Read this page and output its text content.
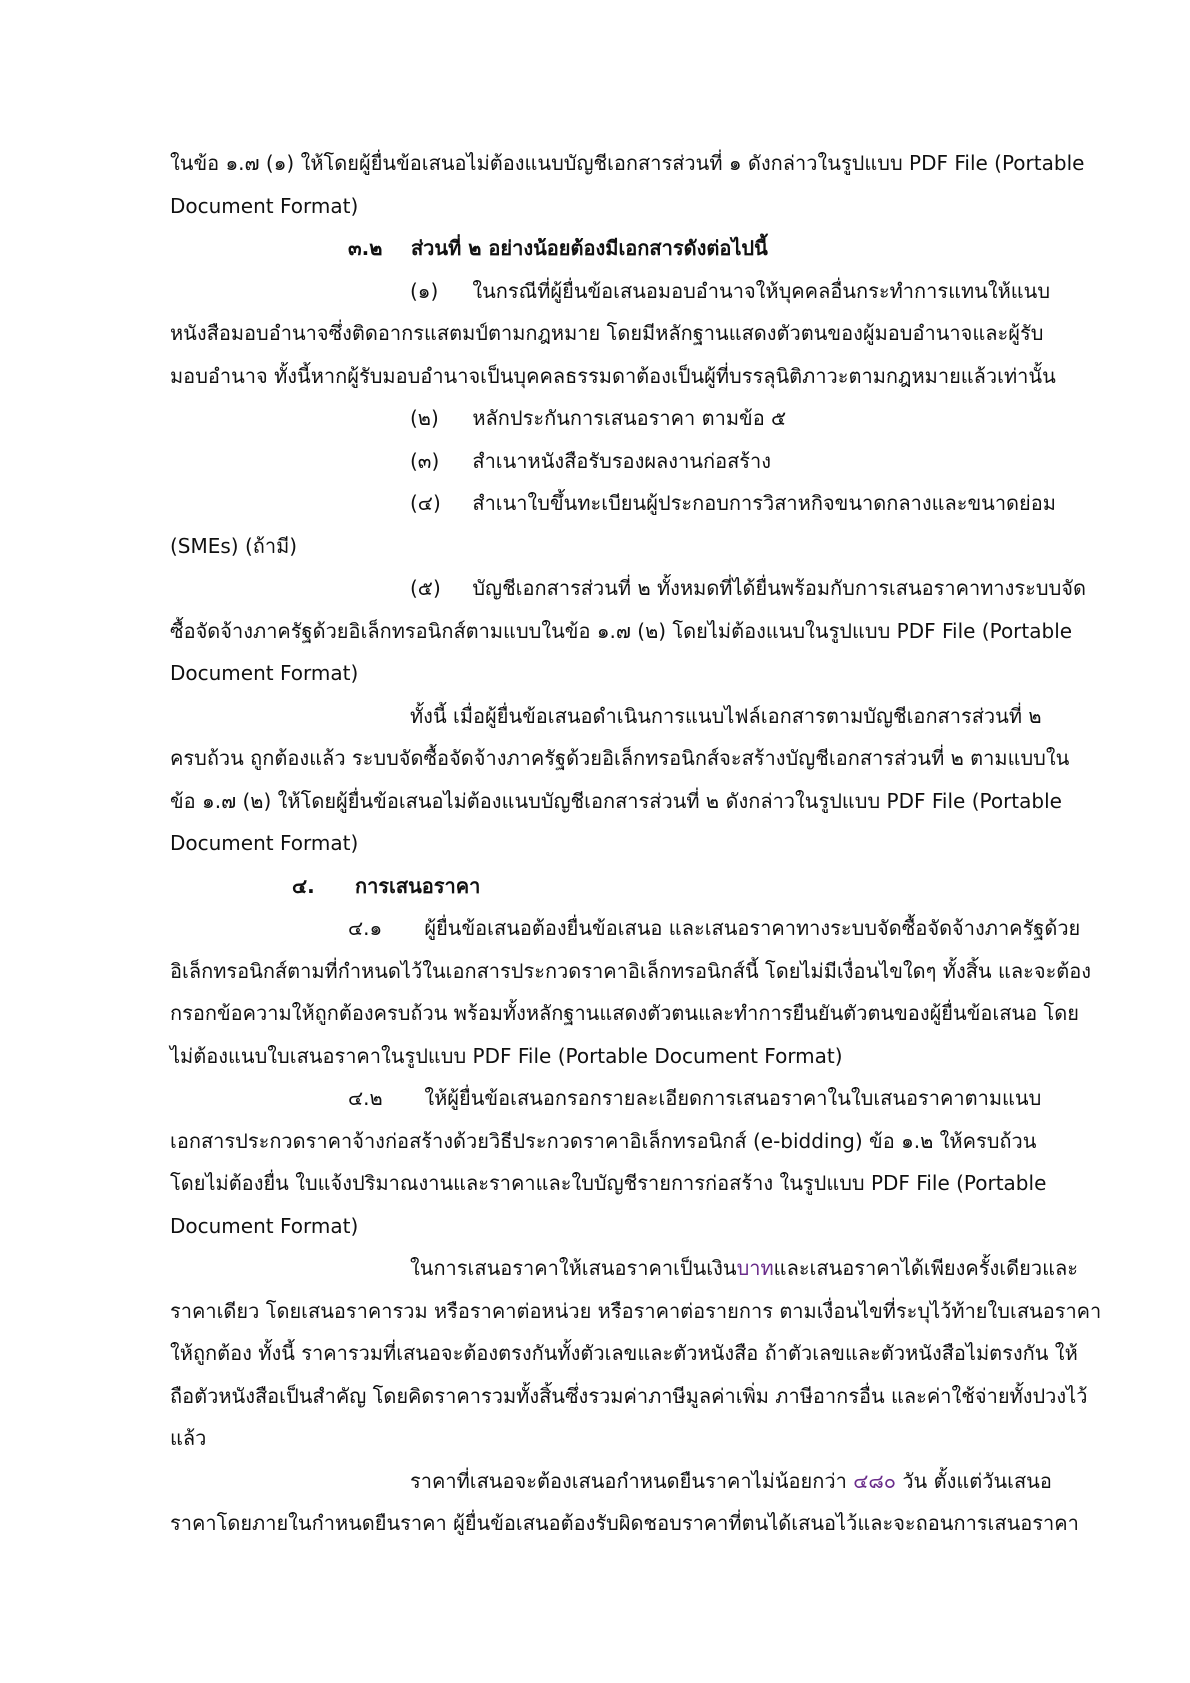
ในข้อ ๑.๗ (๑) ให้โดยผู้ยื่นข้อเสนอไม่ต้องแนบบัญชีเอกสารส่วนที่ ๑ ดังกล่าวในรูปแบบ PDF File (Portable
Document Format)
๓.๒ ส่วนที่ ๒ อย่างน้อยต้องมีเอกสารดังต่อไปนี้
(๑) ในกรณีที่ผู้ยื่นข้อเสนอมอบอำนาจให้บุคคลอื่นกระทำการแทนให้แนบ
หนังสือมอบอำนาจซึ่งติดอากรแสตมป์ตามกฎหมาย โดยมีหลักฐานแสดงตัวตนของผู้มอบอำนาจและผู้รับ
มอบอำนาจ ทั้งนี้หากผู้รับมอบอำนาจเป็นบุคคลธรรมดาต้องเป็นผู้ที่บรรลุนิติภาวะตามกฎหมายแล้วเท่านั้น
(๒) หลักประกันการเสนอราคา ตามข้อ ๕
(๓) สำเนาหนังสือรับรองผลงานก่อสร้าง
(๔) สำเนาใบขึ้นทะเบียนผู้ประกอบการวิสาหกิจขนาดกลางและขนาดย่อม
(SMEs) (ถ้ามี)
(๕) บัญชีเอกสารส่วนที่ ๒ ทั้งหมดที่ได้ยื่นพร้อมกับการเสนอราคาทางระบบจัด
ซื้อจัดจ้างภาครัฐด้วยอิเล็กทรอนิกส์ตามแบบในข้อ ๑.๗ (๒) โดยไม่ต้องแนบในรูปแบบ PDF File (Portable
Document Format)
ทั้งนี้ เมื่อผู้ยื่นข้อเสนอดำเนินการแนบไฟล์เอกสารตามบัญชีเอกสารส่วนที่ ๒
ครบถ้วน ถูกต้องแล้ว ระบบจัดซื้อจัดจ้างภาครัฐด้วยอิเล็กทรอนิกส์จะสร้างบัญชีเอกสารส่วนที่ ๒ ตามแบบใน
ข้อ ๑.๗ (๒) ให้โดยผู้ยื่นข้อเสนอไม่ต้องแนบบัญชีเอกสารส่วนที่ ๒ ดังกล่าวในรูปแบบ PDF File (Portable
Document Format)
๔. การเสนอราคา
๔.๑ ผู้ยื่นข้อเสนอต้องยื่นข้อเสนอ และเสนอราคาทางระบบจัดซื้อจัดจ้างภาครัฐด้วย
อิเล็กทรอนิกส์ตามที่กำหนดไว้ในเอกสารประกวดราคาอิเล็กทรอนิกส์นี้ โดยไม่มีเงื่อนไขใดๆ ทั้งสิ้น และจะต้อง
กรอกข้อความให้ถูกต้องครบถ้วน พร้อมทั้งหลักฐานแสดงตัวตนและทำการยืนยันตัวตนของผู้ยื่นข้อเสนอ โดย
ไม่ต้องแนบใบเสนอราคาในรูปแบบ PDF File (Portable Document Format)
๔.๒ ให้ผู้ยื่นข้อเสนอกรอกรายละเอียดการเสนอราคาในใบเสนอราคาตามแนบ
เอกสารประกวดราคาจ้างก่อสร้างด้วยวิธีประกวดราคาอิเล็กทรอนิกส์ (e-bidding) ข้อ ๑.๒ ให้ครบถ้วน
โดยไม่ต้องยื่น ใบแจ้งปริมาณงานและราคาและใบบัญชีรายการก่อสร้าง ในรูปแบบ PDF File (Portable
Document Format)
ในการเสนอราคาให้เสนอราคาเป็นเงินบาทและเสนอราคาได้เพียงครั้งเดียวและ
ราคาเดียว โดยเสนอราคารวม หรือราคาต่อหน่วย หรือราคาต่อรายการ ตามเงื่อนไขที่ระบุไว้ท้ายใบเสนอราคา
ให้ถูกต้อง ทั้งนี้ ราคารวมที่เสนอจะต้องตรงกันทั้งตัวเลขและตัวหนังสือ ถ้าตัวเลขและตัวหนังสือไม่ตรงกัน ให้
ถือตัวหนังสือเป็นสำคัญ โดยคิดราคารวมทั้งสิ้นซึ่งรวมค่าภาษีมูลค่าเพิ่ม ภาษีอากรอื่น และค่าใช้จ่ายทั้งปวงไว้
แล้ว
ราคาที่เสนอจะต้องเสนอกำหนดยืนราคาไม่น้อยกว่า ๔๘๐ วัน ตั้งแต่วันเสนอ
ราคาโดยภายในกำหนดยืนราคา ผู้ยื่นข้อเสนอต้องรับผิดชอบราคาที่ตนได้เสนอไว้และจะถอนการเสนอราคา
